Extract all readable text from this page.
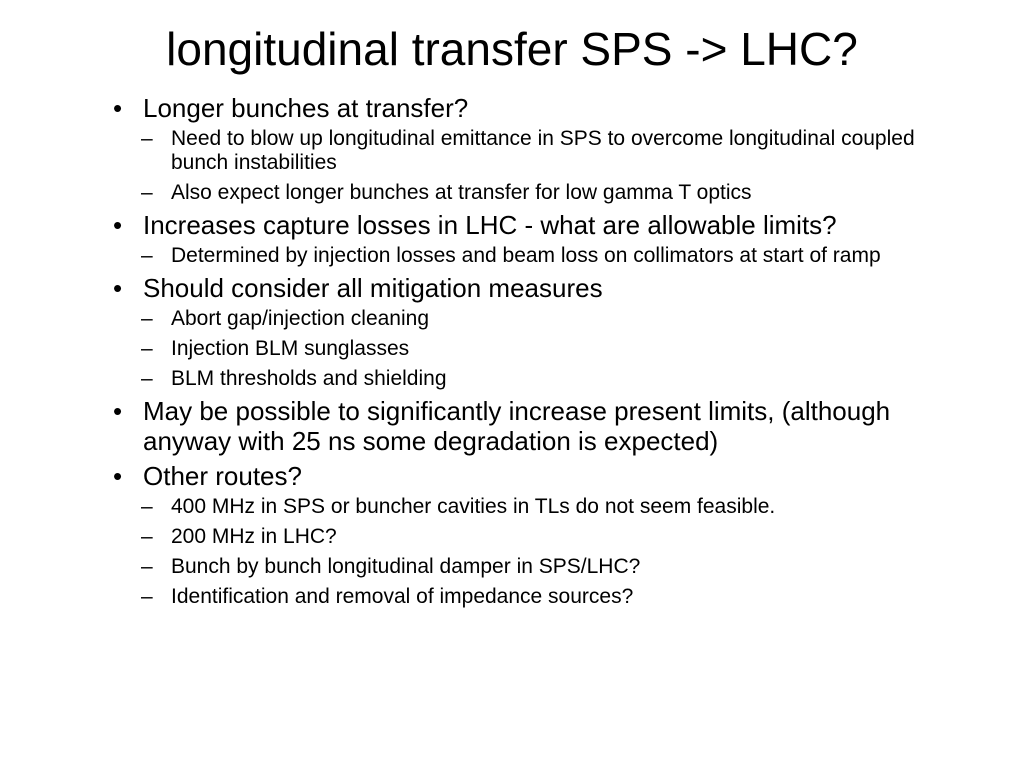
longitudinal transfer SPS -> LHC?
• Longer bunches at transfer?
– Need to blow up longitudinal emittance in SPS to overcome longitudinal coupled bunch instabilities
– Also expect longer bunches at transfer for low gamma T optics
• Increases capture losses in LHC - what are allowable limits?
– Determined by injection losses and beam loss on collimators at start of ramp
• Should consider all mitigation measures
– Abort gap/injection cleaning
– Injection BLM sunglasses
– BLM thresholds and shielding
• May be possible to significantly increase present limits, (although anyway with 25 ns some degradation is expected)
• Other routes?
– 400 MHz in SPS or buncher cavities in TLs do not seem feasible.
– 200 MHz in LHC?
– Bunch by bunch longitudinal damper in SPS/LHC?
– Identification and removal of impedance sources?
